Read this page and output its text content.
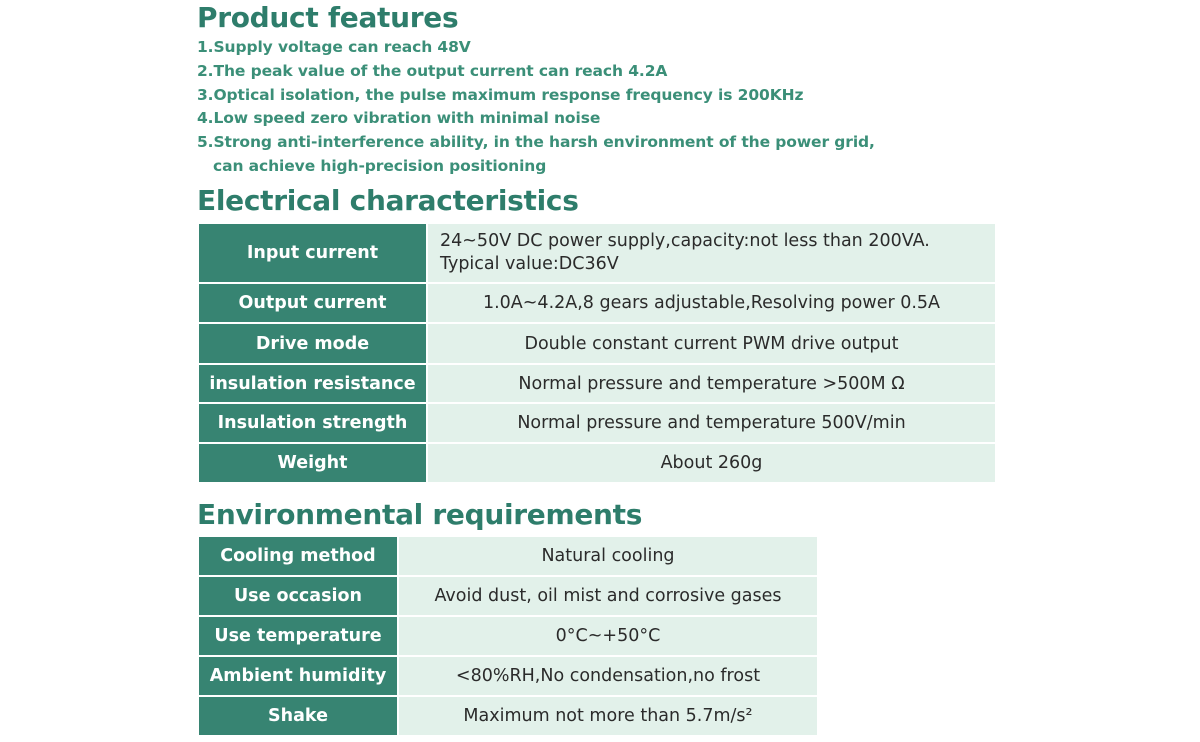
Product features
1.Supply voltage can reach 48V
2.The peak value of the output current can reach 4.2A
3.Optical isolation, the pulse maximum response frequency is 200KHz
4.Low speed zero vibration with minimal noise
5.Strong anti-interference ability, in the harsh environment of the power grid,
can achieve high-precision positioning
Electrical characteristics
Input current	24~50V DC power supply,capacity:not less than 200VA.
Typical value:DC36V

Output current	1.0A~4.2A,8 gears adjustable,Resolving power 0.5A
Drive mode	Double constant current PWM drive output
insulation resistance	Normal pressure and temperature >500M Ω
Insulation strength	Normal pressure and temperature 500V/min
Weight	About 260g
Environmental requirements
Cooling method	Natural cooling
Use occasion	Avoid dust, oil mist and corrosive gases
Use temperature	0°C~+50°C
Ambient humidity	<80%RH,No condensation,no frost
Shake	Maximum not more than 5.7m/s²
